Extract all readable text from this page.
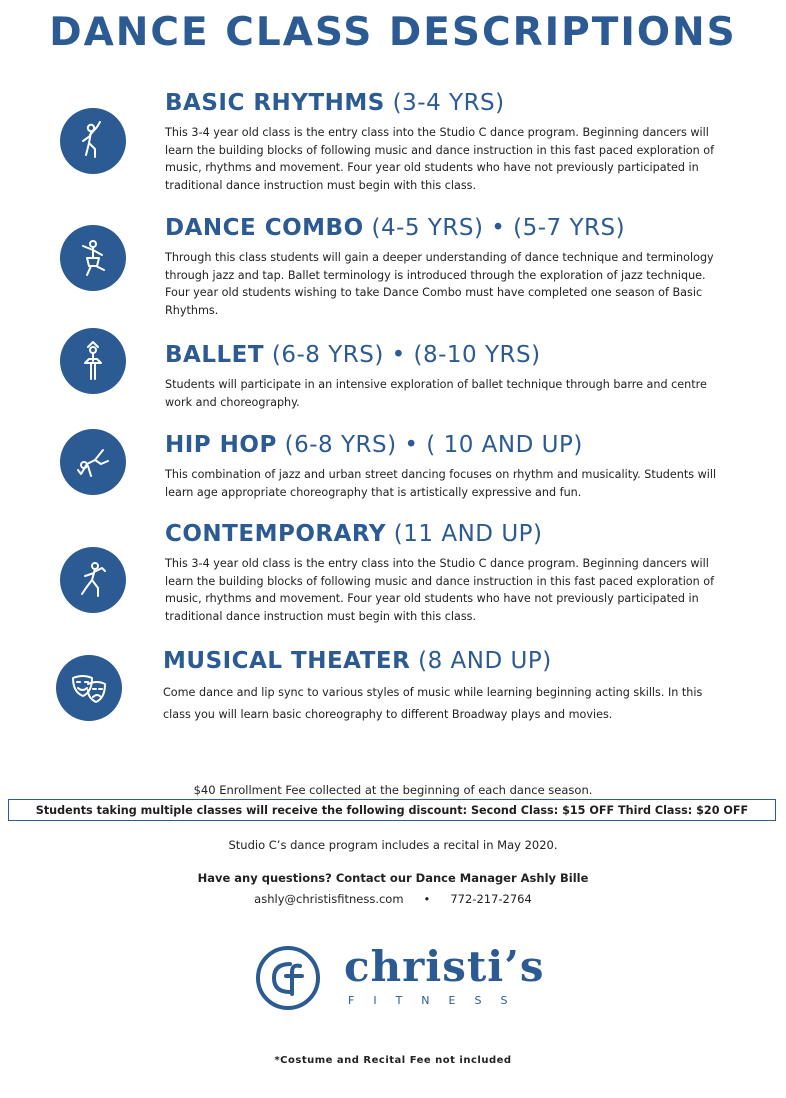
DANCE CLASS DESCRIPTIONS
BASIC RHYTHMS (3-4 YRS)

This 3-4 year old class is the entry class into the Studio C dance program. Beginning dancers will learn the building blocks of following music and dance instruction in this fast paced exploration of music, rhythms and movement. Four year old students who have not previously participated in traditional dance instruction must begin with this class.

DANCE COMBO (4-5 YRS) • (5-7 YRS)

Through this class students will gain a deeper understanding of dance technique and terminology through jazz and tap. Ballet terminology is introduced through the exploration of jazz technique. Four year old students wishing to take Dance Combo must have completed one season of Basic Rhythms.

BALLET (6-8 YRS) • (8-10 YRS)

Students will participate in an intensive exploration of ballet technique through barre and centre work and choreography.

HIP HOP (6-8 YRS) • ( 10 AND UP)

This combination of jazz and urban street dancing focuses on rhythm and musicality. Students will learn age appropriate choreography that is artistically expressive and fun.

CONTEMPORARY (11 AND UP)

This 3-4 year old class is the entry class into the Studio C dance program. Beginning dancers will learn the building blocks of following music and dance instruction in this fast paced exploration of music, rhythms and movement. Four year old students who have not previously participated in traditional dance instruction must begin with this class.

MUSICAL THEATER (8 AND UP)

Come dance and lip sync to various styles of music while learning beginning acting skills. In this class you will learn basic choreography to different Broadway plays and movies.

$40 Enrollment Fee collected at the beginning of each dance season.

Students taking multiple classes will receive the following discount: Second Class: $15 OFF Third Class: $20 OFF

Studio C’s dance program includes a recital in May 2020.

Have any questions? Contact our Dance Manager Ashly Bille

ashly@christisfitness.com • 772-217-2764

christi’s
FITNESS
*Costume and Recital Fee not included
